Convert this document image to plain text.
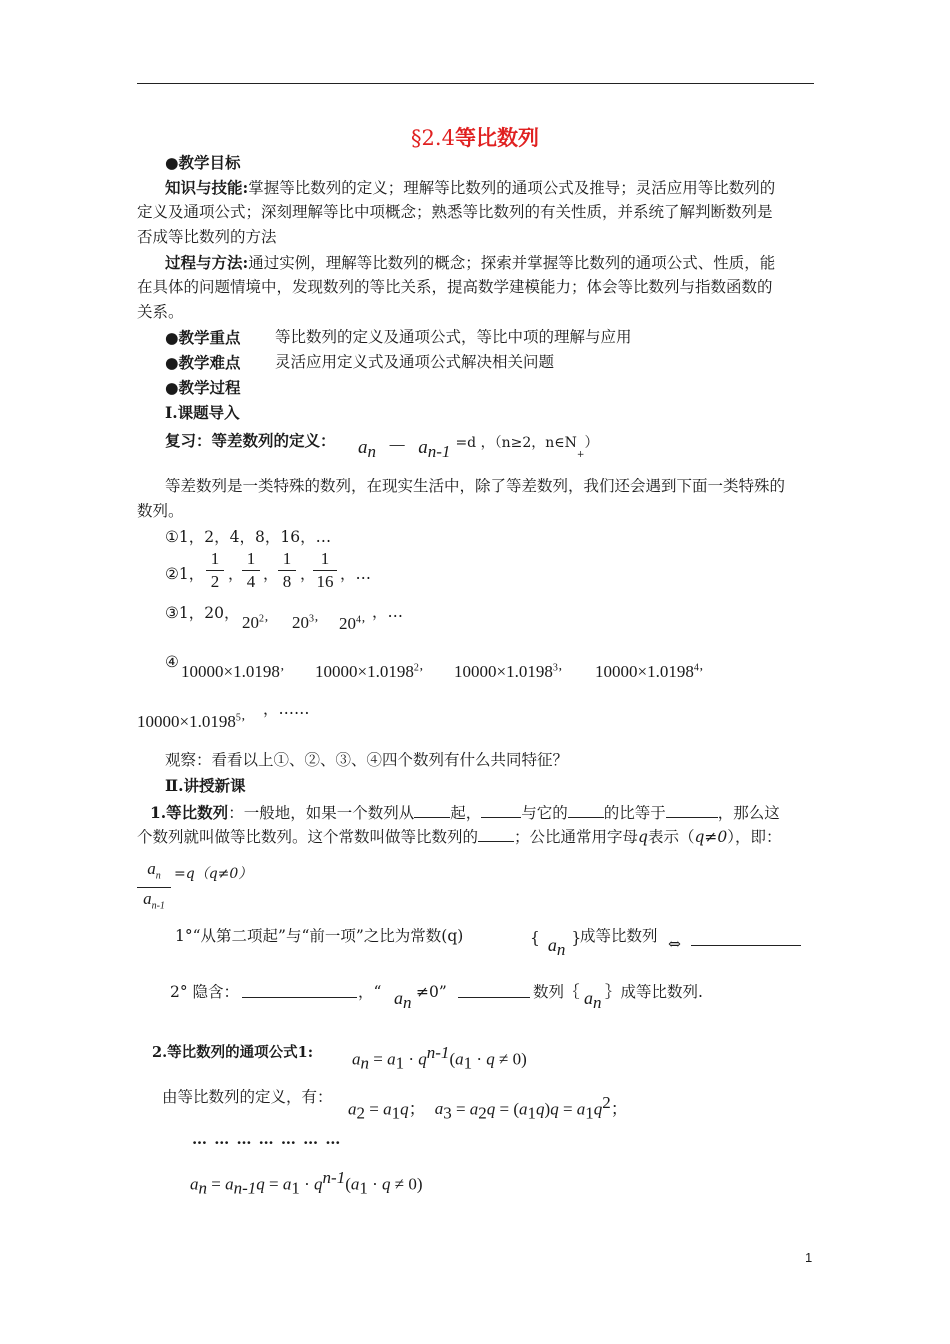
§2.4等比数列
●教学目标
知识与技能:掌握等比数列的定义；理解等比数列的通项公式及推导；灵活应用等比数列的
定义及通项公式；深刻理解等比中项概念；熟悉等比数列的有关性质，并系统了解判断数列是
否成等比数列的方法
过程与方法:通过实例，理解等比数列的概念；探索并掌握等比数列的通项公式、性质，能
在具体的问题情境中，发现数列的等比关系，提高数学建模能力；体会等比数列与指数函数的
关系。
●教学重点 等比数列的定义及通项公式，等比中项的理解与应用
●教学难点 灵活应用定义式及通项公式解决相关问题
●教学过程
Ⅰ.课题导入
复习：等差数列的定义： $a_n - a_{n-1} =d$ ，（n≥2，$n\in N_+$）
等差数列是一类特殊的数列，在现实生活中，除了等差数列，我们还会遇到下面一类特殊的
数列。
①1，2，4，8，16，…
②1，
1
2 ，
1
4 ，
1
8 ，
1
16 ，…
③1，20， $20^2$’ $20^3$’ $20^4$’
，…
④ 10000×1.0198’ $10000\times 1.0198^2$’ $10000\times 1.0198^3$’ $10000\times 1.0198^4$’
$10000\times 1.0198^5$’
，……
观察：看看以上①、②、③、④四个数列有什么共同特征？
Ⅱ.讲授新课
1.等比数列：一般地，如果一个数列从 起，	与它的 的比等于	，那么这
个数列就叫做等比数列。这个常数叫做等比数列的 ；公比通常用字母q表示（q≠0），即：
$a_n$
$a_{n-1}$
=q（q≠0）
1°“从第二项起”与“前一项”之比为常数(q)	{ $a_n$}
成等比数列 ⇔
2° 隐含：	，“ $a_n$
≠0”	数列｛ $a_n$
｝成等比数列.
2.等比数列的通项公式1: $a_n = a_1 \cdot q^{n-1}(a_1 \cdot q \ne 0)$
由等比数列的定义，有：
$a_2 = a_1q$； $a_3 = a_2q = (a_1q)q = a_1q^2$；
… … … … … … …
$a_n = a_{n-1}q = a_1 \cdot q^{n-1}(a_1 \cdot q \ne 0)$
1
